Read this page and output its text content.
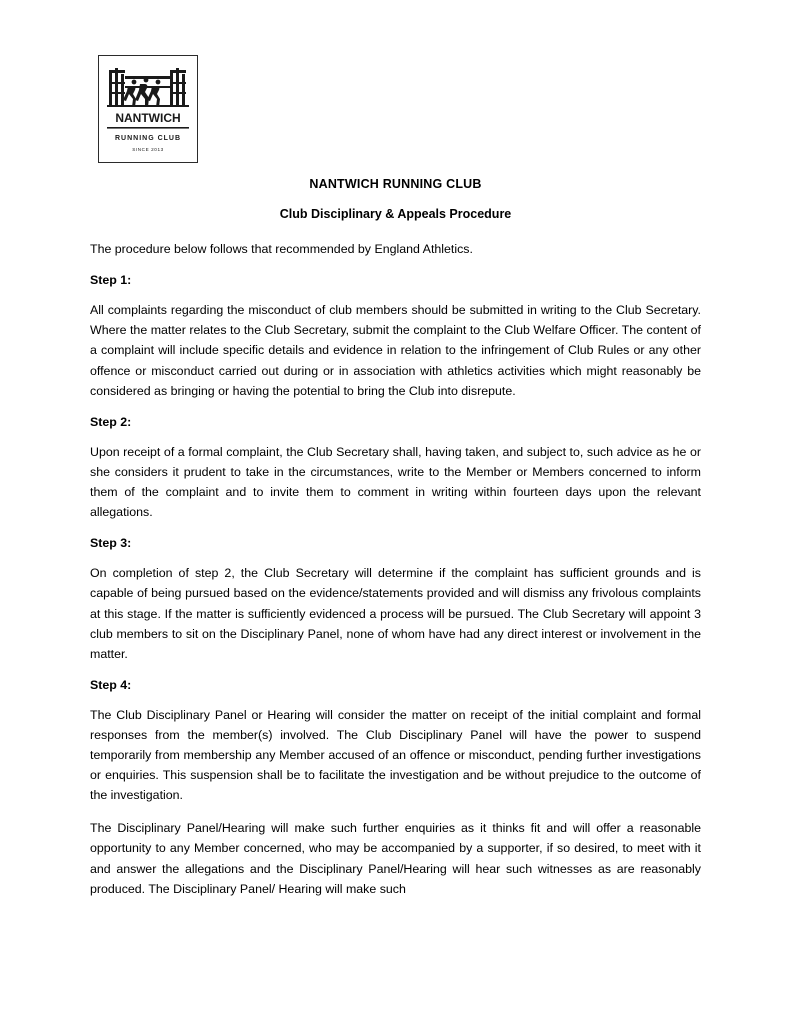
NANTWICH
RUNNING CLUB
SINCE 2013
NANTWICH RUNNING CLUB
Club Disciplinary & Appeals Procedure

The procedure below follows that recommended by England Athletics.

Step 1:

All complaints regarding the misconduct of club members should be submitted in writing to the Club Secretary. Where the matter relates to the Club Secretary, submit the complaint to the Club Welfare Officer. The content of a complaint will include specific details and evidence in relation to the infringement of Club Rules or any other offence or misconduct carried out during or in association with athletics activities which might reasonably be considered as bringing or having the potential to bring the Club into disrepute.

Step 2:

Upon receipt of a formal complaint, the Club Secretary shall, having taken, and subject to, such advice as he or she considers it prudent to take in the circumstances, write to the Member or Members concerned to inform them of the complaint and to invite them to comment in writing within fourteen days upon the relevant allegations.

Step 3:

On completion of step 2, the Club Secretary will determine if the complaint has sufficient grounds and is capable of being pursued based on the evidence/statements provided and will dismiss any frivolous complaints at this stage. If the matter is sufficiently evidenced a process will be pursued. The Club Secretary will appoint 3 club members to sit on the Disciplinary Panel, none of whom have had any direct interest or involvement in the matter.

Step 4:

The Club Disciplinary Panel or Hearing will consider the matter on receipt of the initial complaint and formal responses from the member(s) involved. The Club Disciplinary Panel will have the power to suspend temporarily from membership any Member accused of an offence or misconduct, pending further investigations or enquiries. This suspension shall be to facilitate the investigation and be without prejudice to the outcome of the investigation.

The Disciplinary Panel/Hearing will make such further enquiries as it thinks fit and will offer a reasonable opportunity to any Member concerned, who may be accompanied by a supporter, if so desired, to meet with it and answer the allegations and the Disciplinary Panel/Hearing will hear such witnesses as are reasonably produced. The Disciplinary Panel/ Hearing will make such
